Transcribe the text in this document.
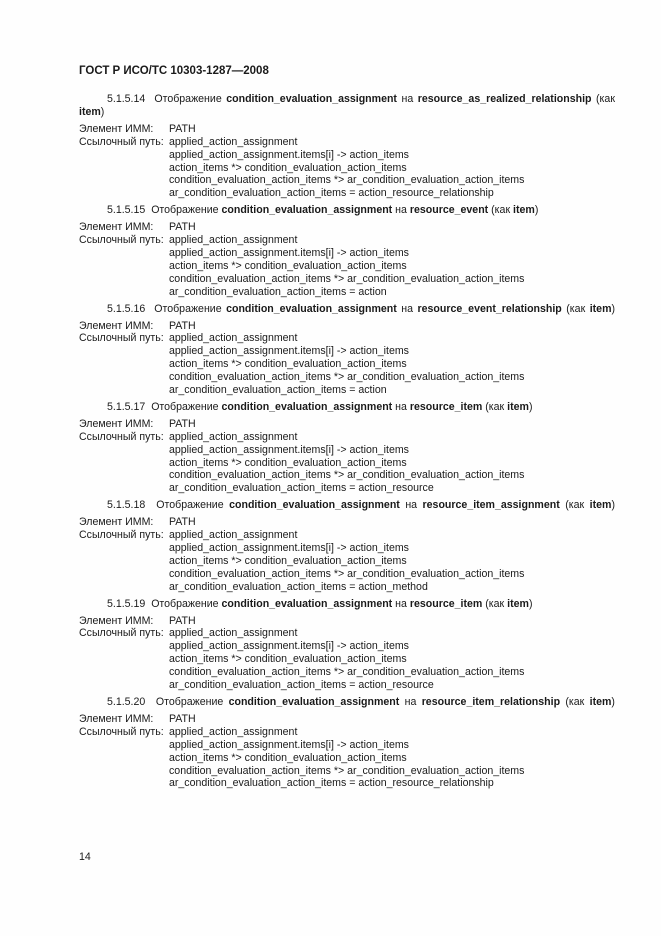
ГОСТ Р ИСО/ТС 10303-1287—2008
5.1.5.14 Отображение condition_evaluation_assignment на resource_as_realized_relationship (как item)
Элемент ИММ:	PATH
Ссылочный путь: applied_action_assignment
applied_action_assignment.items[i] -> action_items
action_items *> condition_evaluation_action_items
condition_evaluation_action_items *> ar_condition_evaluation_action_items
ar_condition_evaluation_action_items = action_resource_relationship
5.1.5.15 Отображение condition_evaluation_assignment на resource_event (как item)
Элемент ИММ:	PATH
Ссылочный путь: applied_action_assignment
applied_action_assignment.items[i] -> action_items
action_items *> condition_evaluation_action_items
condition_evaluation_action_items *> ar_condition_evaluation_action_items
ar_condition_evaluation_action_items = action
5.1.5.16 Отображение condition_evaluation_assignment на resource_event_relationship (как item)
Элемент ИММ:	PATH
Ссылочный путь: applied_action_assignment
applied_action_assignment.items[i] -> action_items
action_items *> condition_evaluation_action_items
condition_evaluation_action_items *> ar_condition_evaluation_action_items
ar_condition_evaluation_action_items = action
5.1.5.17 Отображение condition_evaluation_assignment на resource_item (как item)
Элемент ИММ:	PATH
Ссылочный путь: applied_action_assignment
applied_action_assignment.items[i] -> action_items
action_items *> condition_evaluation_action_items
condition_evaluation_action_items *> ar_condition_evaluation_action_items
ar_condition_evaluation_action_items = action_resource
5.1.5.18 Отображение condition_evaluation_assignment на resource_item_assignment (как item)
Элемент ИММ:	PATH
Ссылочный путь: applied_action_assignment
applied_action_assignment.items[i] -> action_items
action_items *> condition_evaluation_action_items
condition_evaluation_action_items *> ar_condition_evaluation_action_items
ar_condition_evaluation_action_items = action_method
5.1.5.19 Отображение condition_evaluation_assignment на resource_item (как item)
Элемент ИММ:	PATH
Ссылочный путь: applied_action_assignment
applied_action_assignment.items[i] -> action_items
action_items *> condition_evaluation_action_items
condition_evaluation_action_items *> ar_condition_evaluation_action_items
ar_condition_evaluation_action_items = action_resource
5.1.5.20 Отображение condition_evaluation_assignment на resource_item_relationship (как item)
Элемент ИММ:	PATH
Ссылочный путь: applied_action_assignment
applied_action_assignment.items[i] -> action_items
action_items *> condition_evaluation_action_items
condition_evaluation_action_items *> ar_condition_evaluation_action_items
ar_condition_evaluation_action_items = action_resource_relationship
14
